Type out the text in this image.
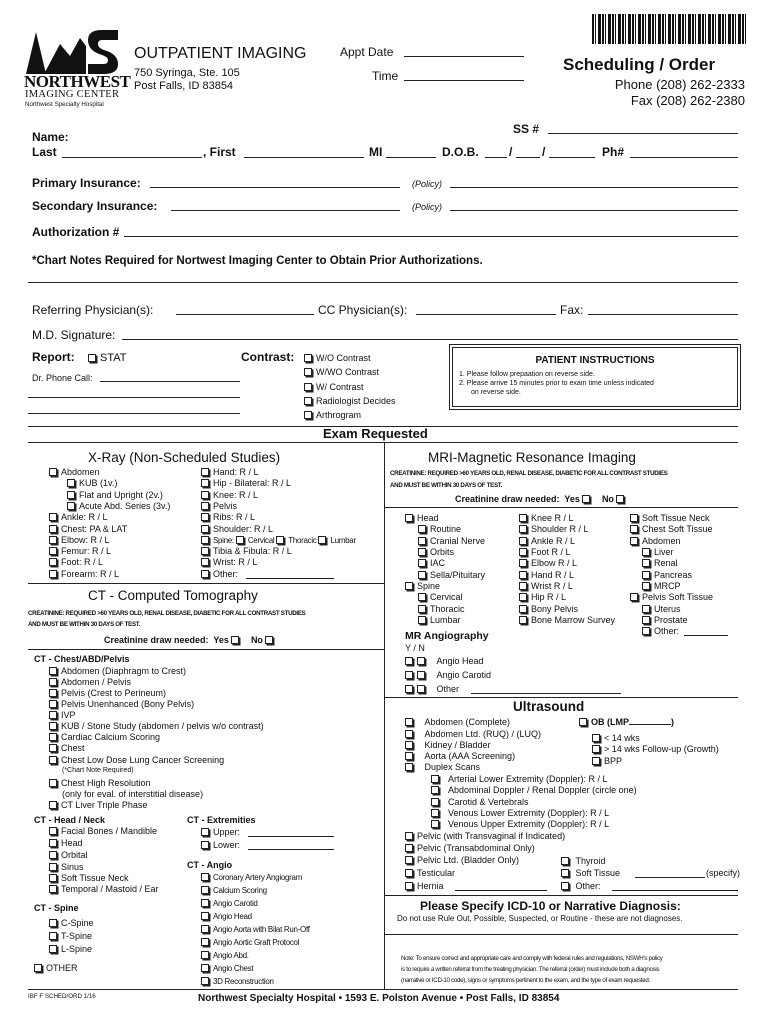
NORTHWEST
IMAGING CENTER
Northwest Specialty Hospital
OUTPATIENT IMAGING
750 Syringa, Ste. 105
Post Falls, ID 83854
Appt Date
Time
Scheduling / Order
Phone (208) 262-2333
Fax (208) 262-2380
SS #
Name:
Last	, First	MI	D.O.B.	/ /	Ph#
Primary Insurance:	(Policy)
Secondary Insurance:	(Policy)
Authorization #
*Chart Notes Required for Nortwest Imaging Center to Obtain Prior Authorizations.
Referring Physician(s):	CC Physician(s):	Fax:
M.D. Signature:
Report:	STAT
Dr. Phone Call:
Contrast:	W/O Contrast
W/WO Contrast
W/ Contrast
Radiologist Decides
Arthrogram
PATIENT INSTRUCTIONS
1. Please follow prepaation on reverse side.
2. Please arrive 15 minutes prior to exam time unless indicated
on reverse side.
Exam Requested
X-Ray (Non-Scheduled Studies)
Abdomen
KUB (1v.)
Flat and Upright (2v.)
Acute Abd. Series (3v.)
Ankle: R / L
Chest: PA & LAT
Elbow: R / L
Femur: R / L
Foot: R / L
Forearm: R / L
Hand: R / L
Hip - Bilateral: R / L
Knee: R / L
Pelvis
Ribs: R / L
Shoulder: R / L
Spine: Cervical Thoracic Lumbar
Tibia & Fibula: R / L
Wrist: R / L
Other:
CT - Computed Tomography
CREATININE: REQUIRED >60 YEARS OLD, RENAL DISEASE, DIABETIC FOR ALL CONTRAST STUDIES
AND MUST BE WITHIN 30 DAYS OF TEST.
Creatinine draw needed: Yes No
CT - Chest/ABD/Pelvis
Abdomen (Diaphragm to Crest)
Abdomen / Pelvis
Pelvis (Crest to Perineum)
Pelvis Unenhanced (Bony Pelvis)
IVP
KUB / Stone Study (abdomen / pelvis w/o contrast)
Cardiac Calcium Scoring
Chest
Chest Low Dose Lung Cancer Screening
(*Chart Note Required)
Chest High Resolution
(only for eval. of interstitial disease)
CT Liver Triple Phase
CT - Head / Neck
Facial Bones / Mandible
Head
Orbital
Sinus
Soft Tissue Neck
Temporal / Mastoid / Ear
CT - Spine
C-Spine
T-Spine
L-Spine
OTHER
CT - Extremities
Upper:
Lower:
CT - Angio
Coronary Artery Angiogram
Calcium Scoring
Angio Carotid
Angio Head
Angio Aorta with Bilat Run-Off
Angio Aortic Graft Protocol
Angio Abd.
Angio Chest
3D Reconstruction
MRI-Magnetic Resonance Imaging
CREATININE: REQUIRED >60 YEARS OLD, RENAL DISEASE, DIABETIC FOR ALL CONTRAST STUDIES
AND MUST BE WITHIN 30 DAYS OF TEST.
Creatinine draw needed: Yes No
Head
Routine
Cranial Nerve
Orbits
IAC
Sella/Pituitary
Spine
Cervical
Thoracic
Lumbar
Knee R / L
Shoulder R / L
Ankle R / L
Foot R / L
Elbow R / L
Hand R / L
Wrist R / L
Hip R / L
Bony Pelvis
Bone Marrow Survey
Soft Tissue Neck
Chest Soft Tissue
Abdomen
Liver
Renal
Pancreas
MRCP
Pelvis Soft Tissue
Uterus
Prostate
Other:
MR Angiography
Y / N
Angio Head
Angio Carotid
Other
Ultrasound
Abdomen (Complete)
Abdomen Ltd. (RUQ) / (LUQ)
Kidney / Bladder
Aorta (AAA Screening)
Duplex Scans
Arterial Lower Extremity (Doppler): R / L
Abdominal Doppler / Renal Doppler (circle one)
Carotid & Vertebrals
Venous Lower Extremity (Doppler): R / L
Venous Upper Extremity (Doppler): R / L
OB (LMP	)
< 14 wks
> 14 wks Follow-up (Growth)
BPP
Pelvic (with Transvaginal if Indicated)
Pelvic (Transabdominal Only)
Pelvic Ltd. (Bladder Only)
Testicular
Hernia
Thyroid
Soft Tissue	(specify)
Other:
Please Specify ICD-10 or Narrative Diagnosis:
Do not use Rule Out, Possible, Suspected, or Routine - these are not diagnoses.
Note: To ensure correct and appropriate care and comply with federal rules and regulations, NSWH's policy
is to require a written referral from the treating physician. The referral (order) must include both a diagnosis
(narrative or ICD-10 code), signs or symptoms pertinent to the exam, and the type of exam requested.
IBF F SCHED/ORD 1/16	Northwest Specialty Hospital • 1593 E. Polston Avenue • Post Falls, ID 83854
